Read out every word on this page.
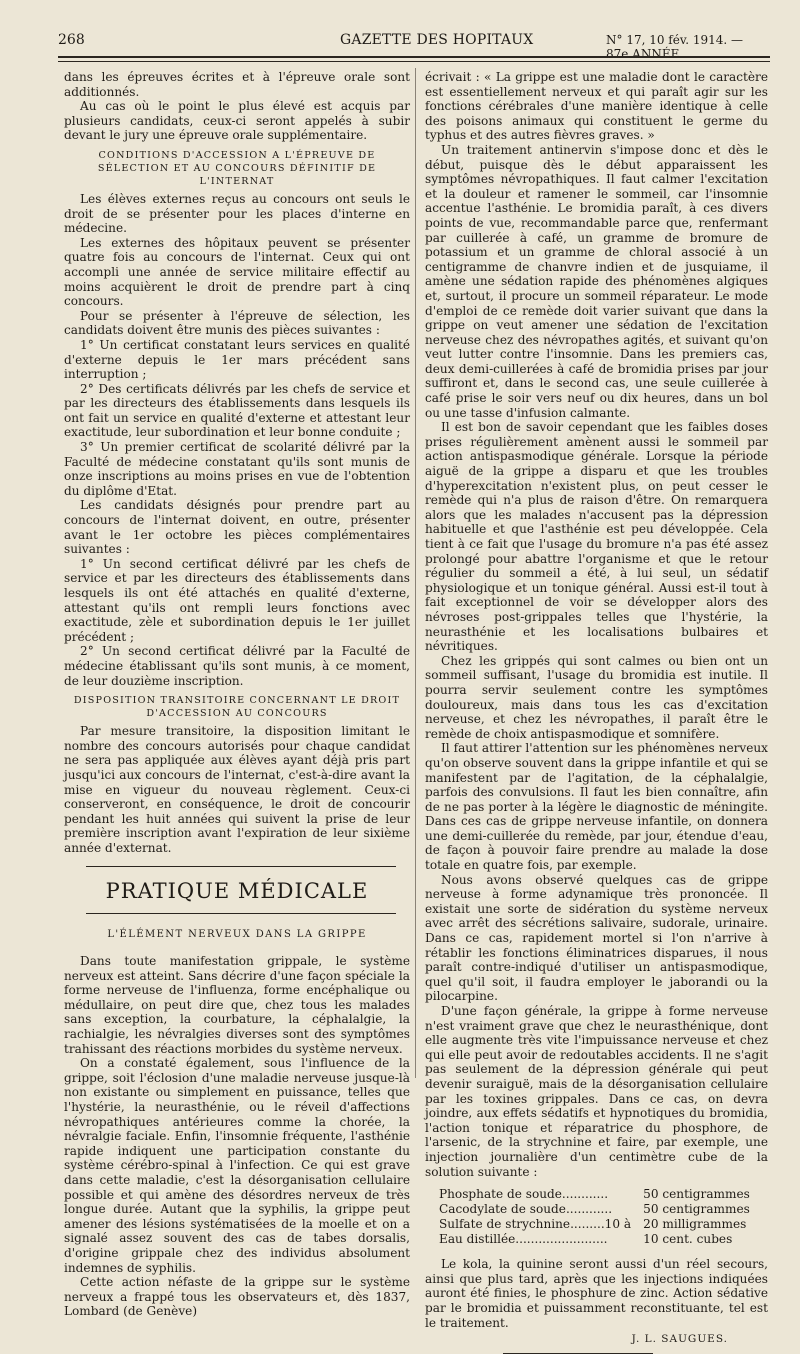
268	GAZETTE DES HOPITAUX	N° 17, 10 fév. 1914. — 87e ANNÉE.

dans les épreuves écrites et à l'épreuve orale sont additionnés.

Au cas où le point le plus élevé est acquis par plusieurs candidats, ceux-ci seront appelés à subir devant le jury une épreuve orale supplémentaire.

CONDITIONS D'ACCESSION A L'ÉPREUVE DE SÉLECTION ET AU CONCOURS DÉFINITIF DE L'INTERNAT

Les élèves externes reçus au concours ont seuls le droit de se présenter pour les places d'interne en médecine.

Les externes des hôpitaux peuvent se présenter quatre fois au concours de l'internat. Ceux qui ont accompli une année de service militaire effectif au moins acquièrent le droit de prendre part à cinq concours.

Pour se présenter à l'épreuve de sélection, les candidats doivent être munis des pièces suivantes :

1° Un certificat constatant leurs services en qualité d'externe depuis le 1er mars précédent sans interruption ;

2° Des certificats délivrés par les chefs de service et par les directeurs des établissements dans lesquels ils ont fait un service en qualité d'externe et attestant leur exactitude, leur subordination et leur bonne conduite ;

3° Un premier certificat de scolarité délivré par la Faculté de médecine constatant qu'ils sont munis de onze inscriptions au moins prises en vue de l'obtention du diplôme d'Etat.

Les candidats désignés pour prendre part au concours de l'internat doivent, en outre, présenter avant le 1er octobre les pièces complémentaires suivantes :

1° Un second certificat délivré par les chefs de service et par les directeurs des établissements dans lesquels ils ont été attachés en qualité d'externe, attestant qu'ils ont rempli leurs fonctions avec exactitude, zèle et subordination depuis le 1er juillet précédent ;

2° Un second certificat délivré par la Faculté de médecine établissant qu'ils sont munis, à ce moment, de leur douzième inscription.

DISPOSITION TRANSITOIRE CONCERNANT LE DROIT D'ACCESSION AU CONCOURS

Par mesure transitoire, la disposition limitant le nombre des concours autorisés pour chaque candidat ne sera pas appliquée aux élèves ayant déjà pris part jusqu'ici aux concours de l'internat, c'est-à-dire avant la mise en vigueur du nouveau règlement. Ceux-ci conserveront, en conséquence, le droit de concourir pendant les huit années qui suivent la prise de leur première inscription avant l'expiration de leur sixième année d'externat.

PRATIQUE MÉDICALE
L'ÉLÉMENT NERVEUX DANS LA GRIPPE

Dans toute manifestation grippale, le système nerveux est atteint. Sans décrire d'une façon spéciale la forme nerveuse de l'influenza, forme encéphalique ou médullaire, on peut dire que, chez tous les malades sans exception, la courbature, la céphalalgie, la rachialgie, les névralgies diverses sont des symptômes trahissant des réactions morbides du système nerveux.

On a constaté également, sous l'influence de la grippe, soit l'éclosion d'une maladie nerveuse jusque-là non existante ou simplement en puissance, telles que l'hystérie, la neurasthénie, ou le réveil d'affections névropathiques antérieures comme la chorée, la névralgie faciale. Enfin, l'insomnie fréquente, l'asthénie rapide indiquent une participation constante du système cérébro-spinal à l'infection. Ce qui est grave dans cette maladie, c'est la désorganisation cellulaire possible et qui amène des désordres nerveux de très longue durée. Autant que la syphilis, la grippe peut amener des lésions systématisées de la moelle et on a signalé assez souvent des cas de tabes dorsalis, d'origine grippale chez des individus absolument indemnes de syphilis.

Cette action néfaste de la grippe sur le système nerveux a frappé tous les observateurs et, dès 1837, Lombard (de Genève)

écrivait : « La grippe est une maladie dont le caractère est essentiellement nerveux et qui paraît agir sur les fonctions cérébrales d'une manière identique à celle des poisons animaux qui constituent le germe du typhus et des autres fièvres graves. »

Un traitement antinervin s'impose donc et dès le début, puisque dès le début apparaissent les symptômes névropathiques. Il faut calmer l'excitation et la douleur et ramener le sommeil, car l'insomnie accentue l'asthénie. Le bromidia paraît, à ces divers points de vue, recommandable parce que, renfermant par cuillerée à café, un gramme de bromure de potassium et un gramme de chloral associé à un centigramme de chanvre indien et de jusquiame, il amène une sédation rapide des phénomènes algiques et, surtout, il procure un sommeil réparateur. Le mode d'emploi de ce remède doit varier suivant que dans la grippe on veut amener une sédation de l'excitation nerveuse chez des névropathes agités, et suivant qu'on veut lutter contre l'insomnie. Dans les premiers cas, deux demi-cuillerées à café de bromidia prises par jour suffiront et, dans le second cas, une seule cuillerée à café prise le soir vers neuf ou dix heures, dans un bol ou une tasse d'infusion calmante.

Il est bon de savoir cependant que les faibles doses prises régulièrement amènent aussi le sommeil par action antispasmodique générale. Lorsque la période aiguë de la grippe a disparu et que les troubles d'hyperexcitation n'existent plus, on peut cesser le remède qui n'a plus de raison d'être. On remarquera alors que les malades n'accusent pas la dépression habituelle et que l'asthénie est peu développée. Cela tient à ce fait que l'usage du bromure n'a pas été assez prolongé pour abattre l'organisme et que le retour régulier du sommeil a été, à lui seul, un sédatif physiologique et un tonique général. Aussi est-il tout à fait exceptionnel de voir se développer alors des névroses post-grippales telles que l'hystérie, la neurasthénie et les localisations bulbaires et névritiques.

Chez les grippés qui sont calmes ou bien ont un sommeil suffisant, l'usage du bromidia est inutile. Il pourra servir seulement contre les symptômes douloureux, mais dans tous les cas d'excitation nerveuse, et chez les névropathes, il paraît être le remède de choix antispasmodique et somnifère.

Il faut attirer l'attention sur les phénomènes nerveux qu'on observe souvent dans la grippe infantile et qui se manifestent par de l'agitation, de la céphalalgie, parfois des convulsions. Il faut les bien connaître, afin de ne pas porter à la légère le diagnostic de méningite. Dans ces cas de grippe nerveuse infantile, on donnera une demi-cuillerée du remède, par jour, étendue d'eau, de façon à pouvoir faire prendre au malade la dose totale en quatre fois, par exemple.

Nous avons observé quelques cas de grippe nerveuse à forme adynamique très prononcée. Il existait une sorte de sidération du système nerveux avec arrêt des sécrétions salivaire, sudorale, urinaire. Dans ce cas, rapidement mortel si l'on n'arrive à rétablir les fonctions éliminatrices disparues, il nous paraît contre-indiqué d'utiliser un antispasmodique, quel qu'il soit, il faudra employer le jaborandi ou la pilocarpine.

D'une façon générale, la grippe à forme nerveuse n'est vraiment grave que chez le neurasthénique, dont elle augmente très vite l'impuissance nerveuse et chez qui elle peut avoir de redoutables accidents. Il ne s'agit pas seulement de la dépression générale qui peut devenir suraiguë, mais de la désorganisation cellulaire par les toxines grippales. Dans ce cas, on devra joindre, aux effets sédatifs et hypnotiques du bromidia, l'action tonique et réparatrice du phosphore, de l'arsenic, de la strychnine et faire, par exemple, une injection journalière d'un centimètre cube de la solution suivante :

Phosphate de soude............	50 centigrammes
Cacodylate de soude............	50 centigrammes
Sulfate de strychnine.........10 à	20 milligrammes
Eau distillée........................	10 cent. cubes

Le kola, la quinine seront aussi d'un réel secours, ainsi que plus tard, après que les injections indiquées auront été finies, le phosphure de zinc. Action sédative par le bromidia et puissamment reconstituante, tel est le traitement.

J. L. SAUGUES.
